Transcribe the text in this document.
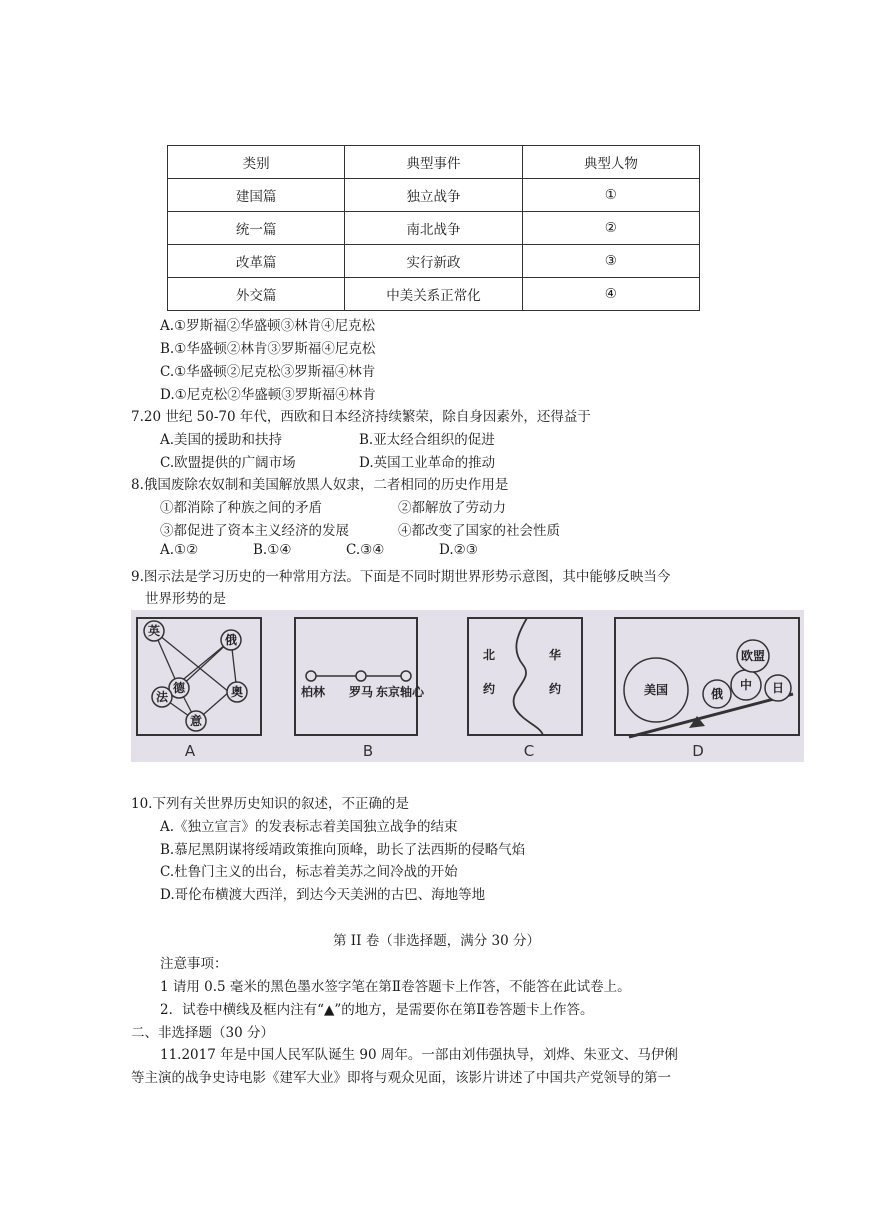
类别	典型事件	典型人物
建国篇	独立战争	①
统一篇	南北战争	②
改革篇	实行新政	③
外交篇	中美关系正常化	④
A.①罗斯福②华盛顿③林肯④尼克松
B.①华盛顿②林肯③罗斯福④尼克松
C.①华盛顿②尼克松③罗斯福④林肯
D.①尼克松②华盛顿③罗斯福④林肯
7.20 世纪 50-70 年代，西欧和日本经济持续繁荣，除自身因素外，还得益于
A.美国的援助和扶持	B.亚太经合组织的促进
C.欧盟提供的广阔市场	D.英国工业革命的推动
8.俄国废除农奴制和美国解放黑人奴隶，二者相同的历史作用是
①都消除了种族之间的矛盾	②都解放了劳动力
③都促进了资本主义经济的发展	④都改变了国家的社会性质
A.①②	B.①④	C.③④	D.②③
9.图示法是学习历史的一种常用方法。下面是不同时期世界形势示意图，其中能够反映当今
世界形势的是
英
德
俄
法	奥
意
A
柏林 罗马 东京轴心
B
北
约
华
约
C
美国	俄
中
欧盟
日
D
10.下列有关世界历史知识的叙述，不正确的是
A.《独立宣言》的发表标志着美国独立战争的结束
B.慕尼黑阴谋将绥靖政策推向顶峰，助长了法西斯的侵略气焰
C.杜鲁门主义的出台，标志着美苏之间冷战的开始
D.哥伦布横渡大西洋，到达今天美洲的古巴、海地等地
第 II 卷（非选择题，满分 30 分）
注意事项：
1 请用 0.5 毫米的黑色墨水签字笔在第Ⅱ卷答题卡上作答，不能答在此试卷上。
2．试卷中横线及框内注有“▲”的地方，是需要你在第Ⅱ卷答题卡上作答。
二、非选择题（30 分）
11.2017 年是中国人民军队诞生 90 周年。一部由刘伟强执导，刘烨、朱亚文、马伊俐
等主演的战争史诗电影《建军大业》即将与观众见面，该影片讲述了中国共产党领导的第一
